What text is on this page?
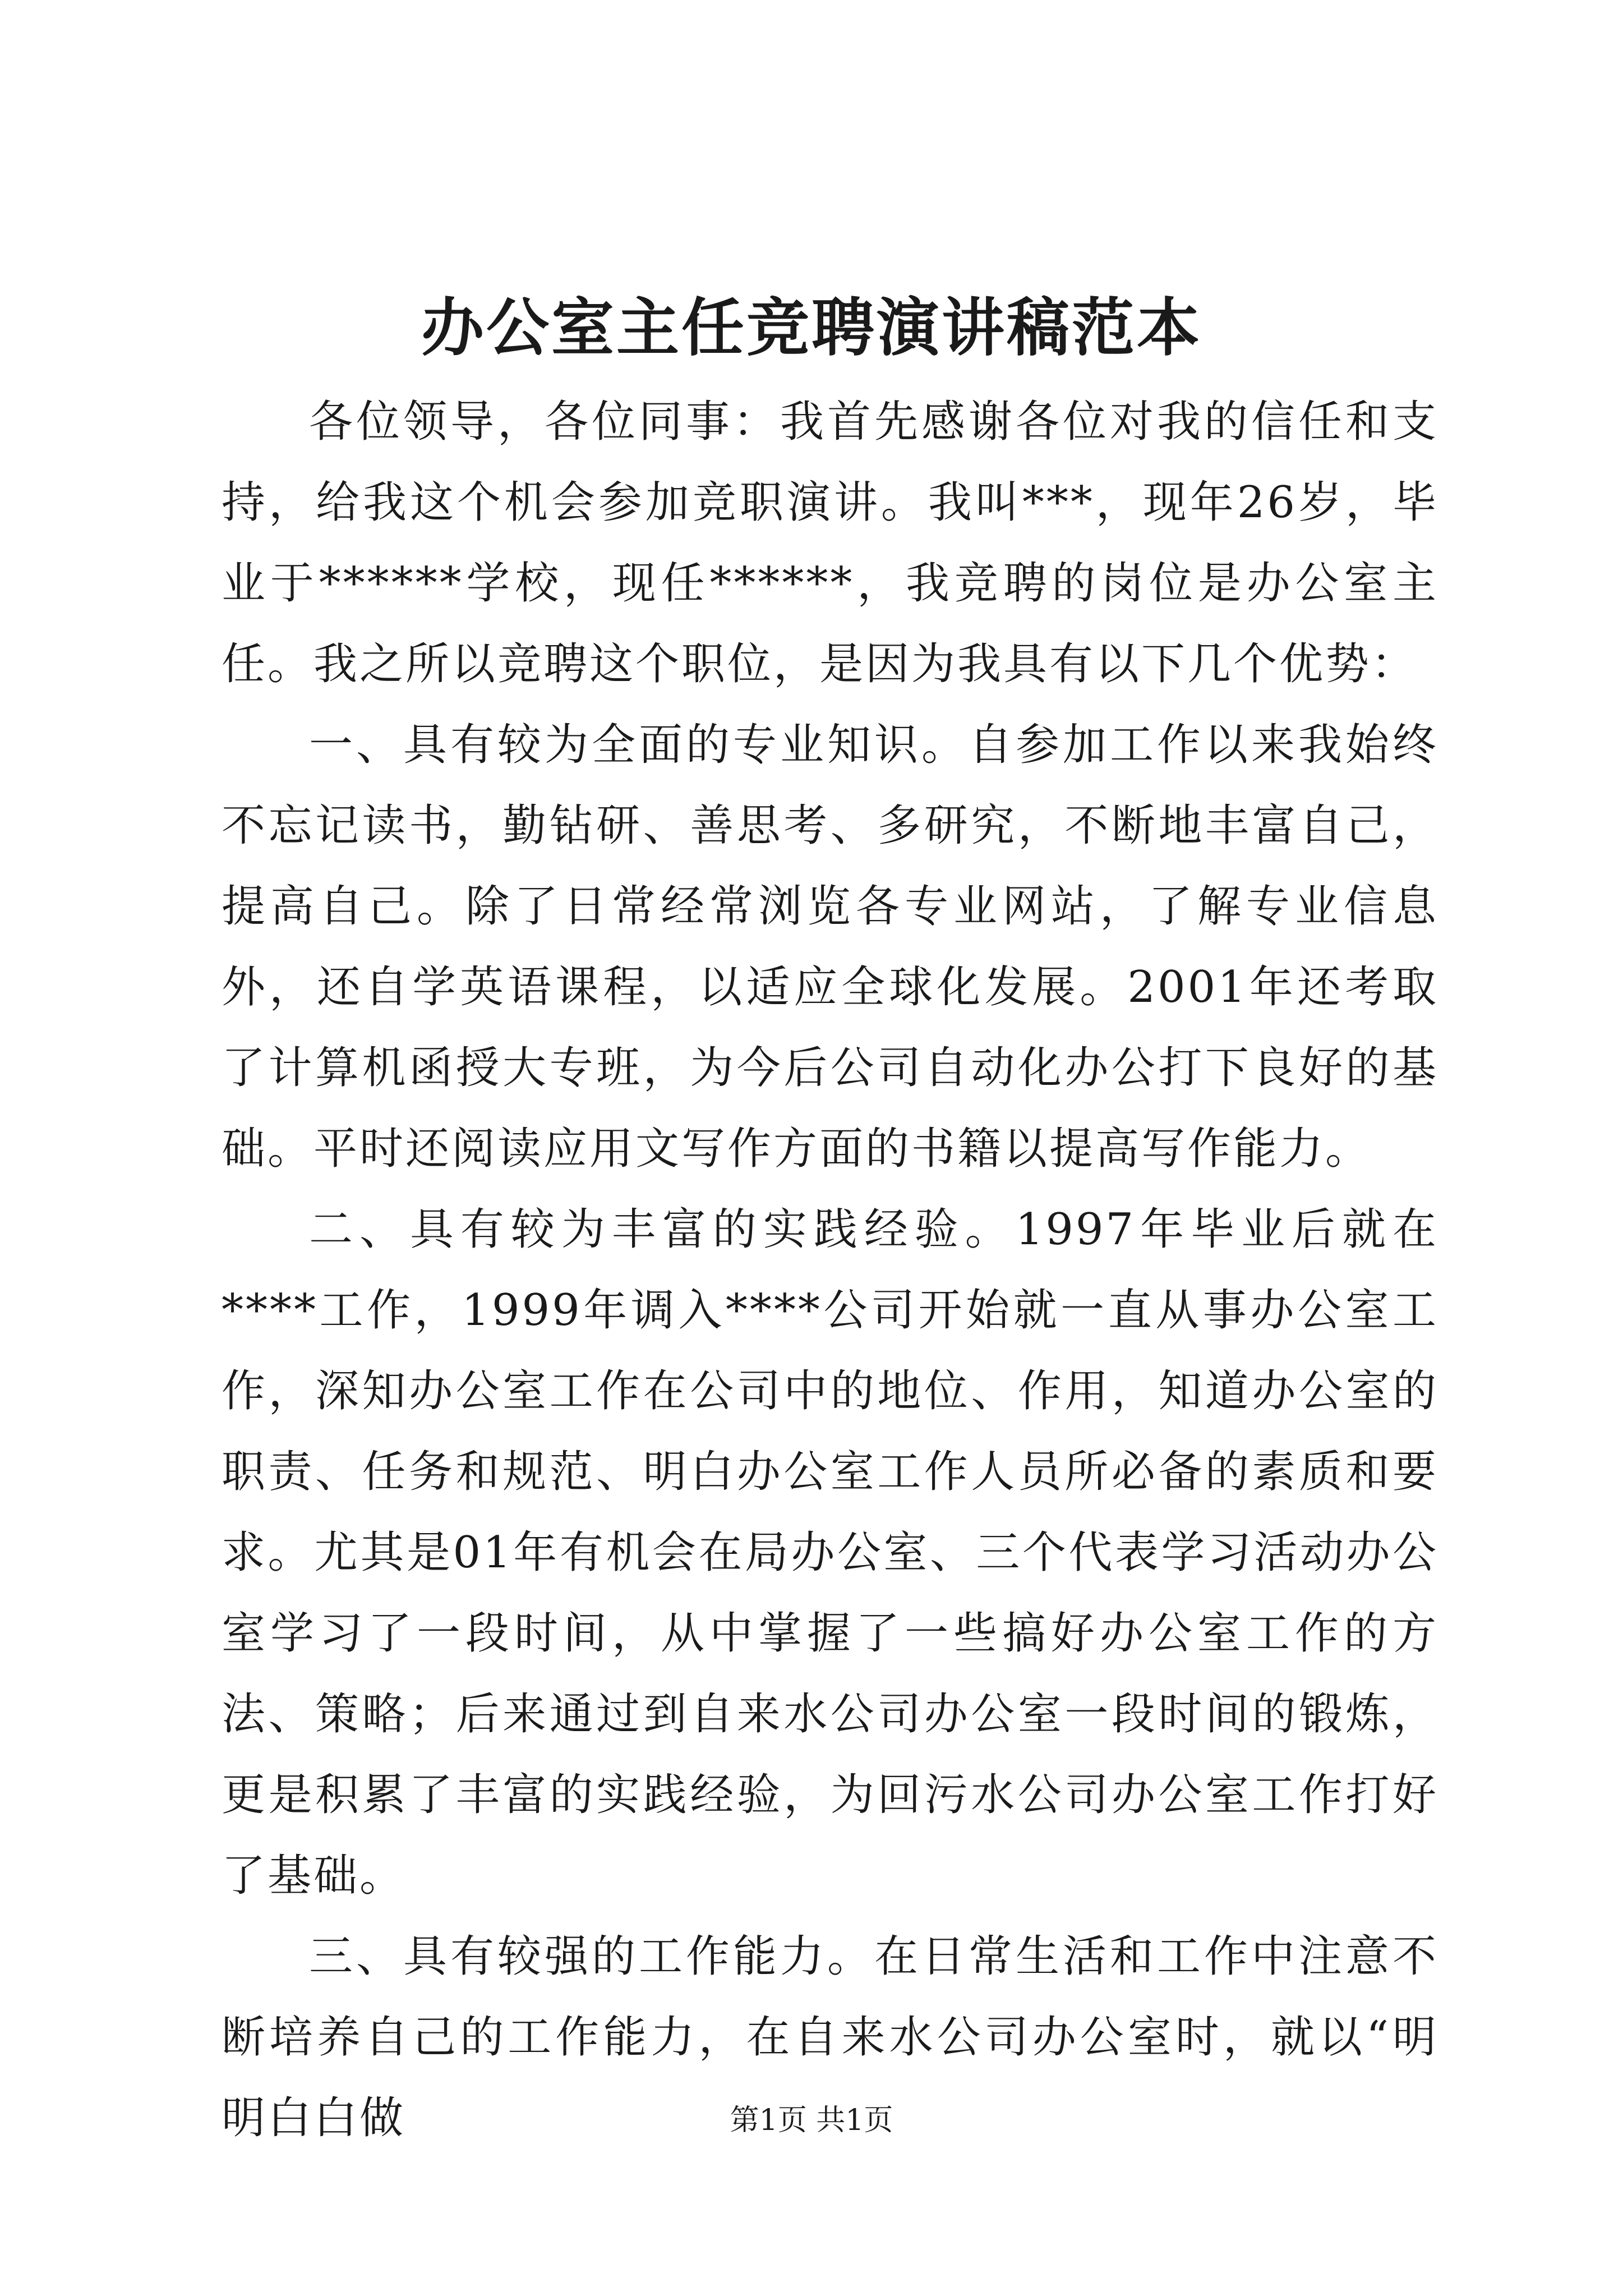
办公室主任竞聘演讲稿范本

各位领导，各位同事：我首先感谢各位对我的信任和支持，给我这个机会参加竞职演讲。我叫***，现年26岁，毕业于******学校，现任******，我竞聘的岗位是办公室主任。我之所以竞聘这个职位，是因为我具有以下几个优势：

一、具有较为全面的专业知识。自参加工作以来我始终不忘记读书，勤钻研、善思考、多研究，不断地丰富自己，提高自己。除了日常经常浏览各专业网站，了解专业信息外，还自学英语课程，以适应全球化发展。2001年还考取了计算机函授大专班，为今后公司自动化办公打下良好的基础。平时还阅读应用文写作方面的书籍以提高写作能力。

二、具有较为丰富的实践经验。1997年毕业后就在****工作，1999年调入****公司开始就一直从事办公室工作，深知办公室工作在公司中的地位、作用，知道办公室的职责、任务和规范、明白办公室工作人员所必备的素质和要求。尤其是01年有机会在局办公室、三个代表学习活动办公室学习了一段时间，从中掌握了一些搞好办公室工作的方法、策略；后来通过到自来水公司办公室一段时间的锻炼，更是积累了丰富的实践经验，为回污水公司办公室工作打好了基础。

三、具有较强的工作能力。在日常生活和工作中注意不断培养自己的工作能力，在自来水公司办公室时，就以“明明白白做	第1页 共1页
